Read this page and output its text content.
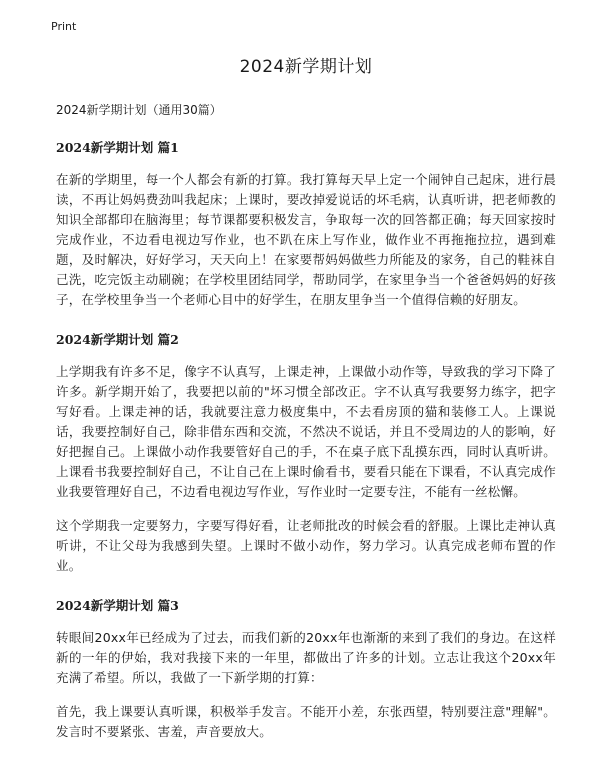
Print
2024新学期计划

2024新学期计划（通用30篇）

2024新学期计划 篇1

在新的学期里，每一个人都会有新的打算。我打算每天早上定一个闹钟自己起床，进行晨读，不再让妈妈费劲叫我起床；上课时，要改掉爱说话的坏毛病，认真听讲，把老师教的知识全部都印在脑海里；每节课都要积极发言，争取每一次的回答都正确；每天回家按时完成作业，不边看电视边写作业，也不趴在床上写作业，做作业不再拖拖拉拉，遇到难题，及时解决，好好学习，天天向上！在家要帮妈妈做些力所能及的家务，自己的鞋袜自己洗，吃完饭主动刷碗；在学校里团结同学，帮助同学，在家里争当一个爸爸妈妈的好孩子，在学校里争当一个老师心目中的好学生，在朋友里争当一个值得信赖的好朋友。

2024新学期计划 篇2

上学期我有许多不足，像字不认真写，上课走神，上课做小动作等，导致我的学习下降了许多。新学期开始了，我要把以前的"坏习惯全部改正。字不认真写我要努力练字，把字写好看。上课走神的话，我就要注意力极度集中，不去看房顶的猫和装修工人。上课说话，我要控制好自己，除非借东西和交流，不然决不说话，并且不受周边的人的影响，好好把握自己。上课做小动作我要管好自己的手，不在桌子底下乱摸东西，同时认真听讲。上课看书我要控制好自己，不让自己在上课时偷看书，要看只能在下课看，不认真完成作业我要管理好自己，不边看电视边写作业，写作业时一定要专注，不能有一丝松懈。

这个学期我一定要努力，字要写得好看，让老师批改的时候会看的舒服。上课比走神认真听讲，不让父母为我感到失望。上课时不做小动作，努力学习。认真完成老师布置的作业。

2024新学期计划 篇3

转眼间20xx年已经成为了过去，而我们新的20xx年也渐渐的来到了我们的身边。在这样新的一年的伊始，我对我接下来的一年里，都做出了许多的计划。立志让我这个20xx年充满了希望。所以，我做了一下新学期的打算：

首先，我上课要认真听课，积极举手发言。不能开小差，东张西望，特别要注意"理解"。发言时不要紧张、害羞，声音要放大。
